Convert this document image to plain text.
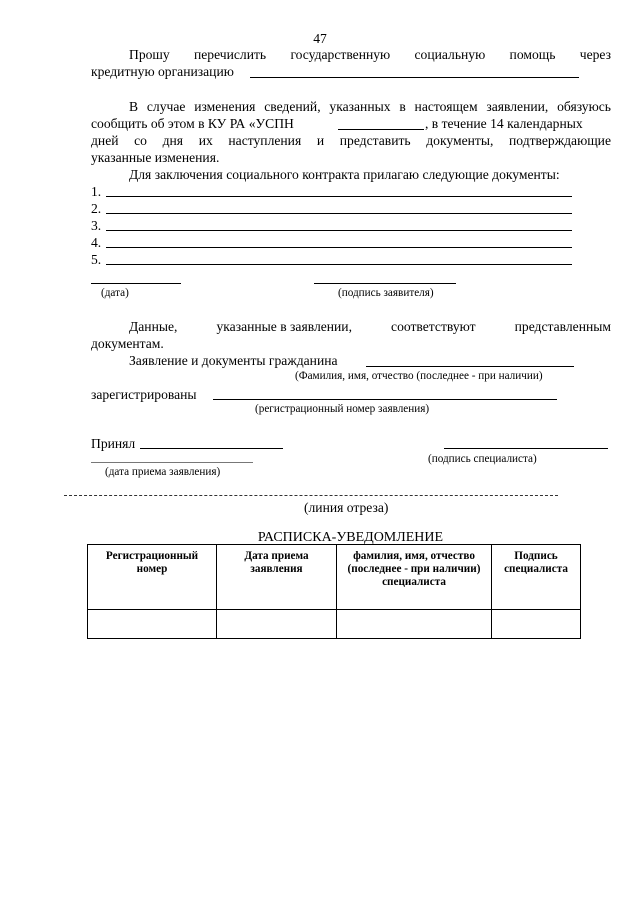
47
Прошу перечислить государственную социальную помощь через
кредитную организацию
В случае изменения сведений, указанных в настоящем заявлении, обязуюсь
сообщить об этом в КУ РА «УСПН	, в течение 14 календарных
дней со дня их наступления и представить документы, подтверждающие
указанные изменения.
Для заключения социального контракта прилагаю следующие документы:
1.
2.
3.
4.
5.
(дата)	(подпись заявителя)
Данные,	указанные в заявлении,	соответствуют	представленным
документам.
Заявление и документы гражданина
(Фамилия, имя, отчество (последнее - при наличии)
зарегистрированы
(регистрационный номер заявления)
Принял
(подпись специалиста)
(дата приема заявления)
(линия отреза)
РАСПИСКА-УВЕДОМЛЕНИЕ
Регистрационный номер	Дата приема заявления	фамилия, имя, отчество (последнее - при наличии) специалиста	Подпись специалиста
